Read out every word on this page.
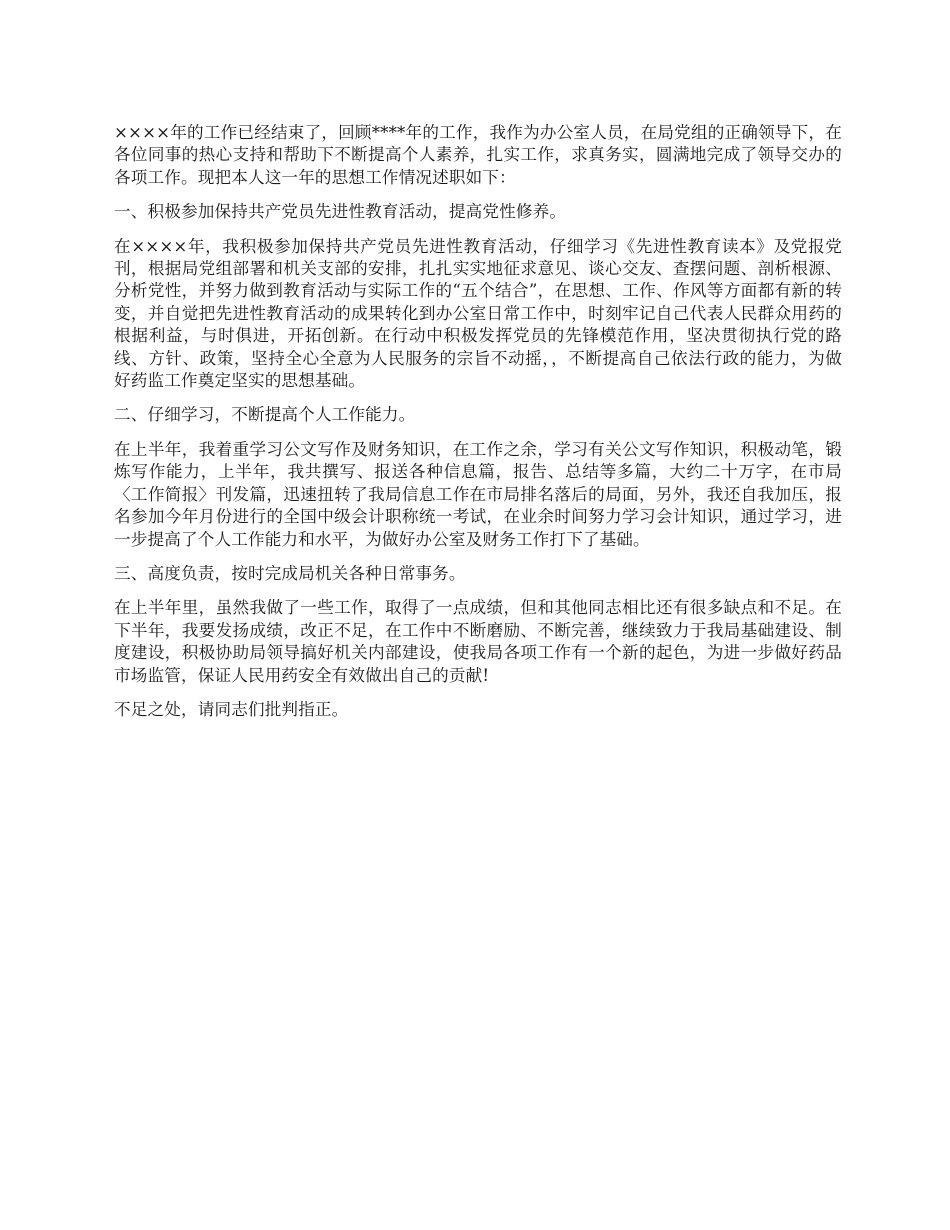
××××年的工作已经结束了，回顾****年的工作，我作为办公室人员，在局党组的正确领导下，在各位同事的热心支持和帮助下不断提高个人素养，扎实工作，求真务实，圆满地完成了领导交办的各项工作。现把本人这一年的思想工作情况述职如下：

一、积极参加保持共产党员先进性教育活动，提高党性修养。

在××××年，我积极参加保持共产党员先进性教育活动，仔细学习《先进性教育读本》及党报党刊，根据局党组部署和机关支部的安排，扎扎实实地征求意见、谈心交友、查摆问题、剖析根源、分析党性，并努力做到教育活动与实际工作的“五个结合”，在思想、工作、作风等方面都有新的转变，并自觉把先进性教育活动的成果转化到办公室日常工作中，时刻牢记自己代表人民群众用药的根据利益，与时俱进，开拓创新。在行动中积极发挥党员的先锋模范作用，坚决贯彻执行党的路线、方针、政策，坚持全心全意为人民服务的宗旨不动摇，，不断提高自己依法行政的能力，为做好药监工作奠定坚实的思想基础。

二、仔细学习，不断提高个人工作能力。

在上半年，我着重学习公文写作及财务知识，在工作之余，学习有关公文写作知识，积极动笔，锻炼写作能力，上半年，我共撰写、报送各种信息篇，报告、总结等多篇，大约二十万字，在市局〈工作简报〉刊发篇，迅速扭转了我局信息工作在市局排名落后的局面，另外，我还自我加压，报名参加今年月份进行的全国中级会计职称统一考试，在业余时间努力学习会计知识，通过学习，进一步提高了个人工作能力和水平，为做好办公室及财务工作打下了基础。

三、高度负责，按时完成局机关各种日常事务。

在上半年里，虽然我做了一些工作，取得了一点成绩，但和其他同志相比还有很多缺点和不足。在下半年，我要发扬成绩，改正不足，在工作中不断磨励、不断完善，继续致力于我局基础建设、制度建设，积极协助局领导搞好机关内部建设，使我局各项工作有一个新的起色，为进一步做好药品市场监管，保证人民用药安全有效做出自己的贡献!

不足之处，请同志们批判指正。
